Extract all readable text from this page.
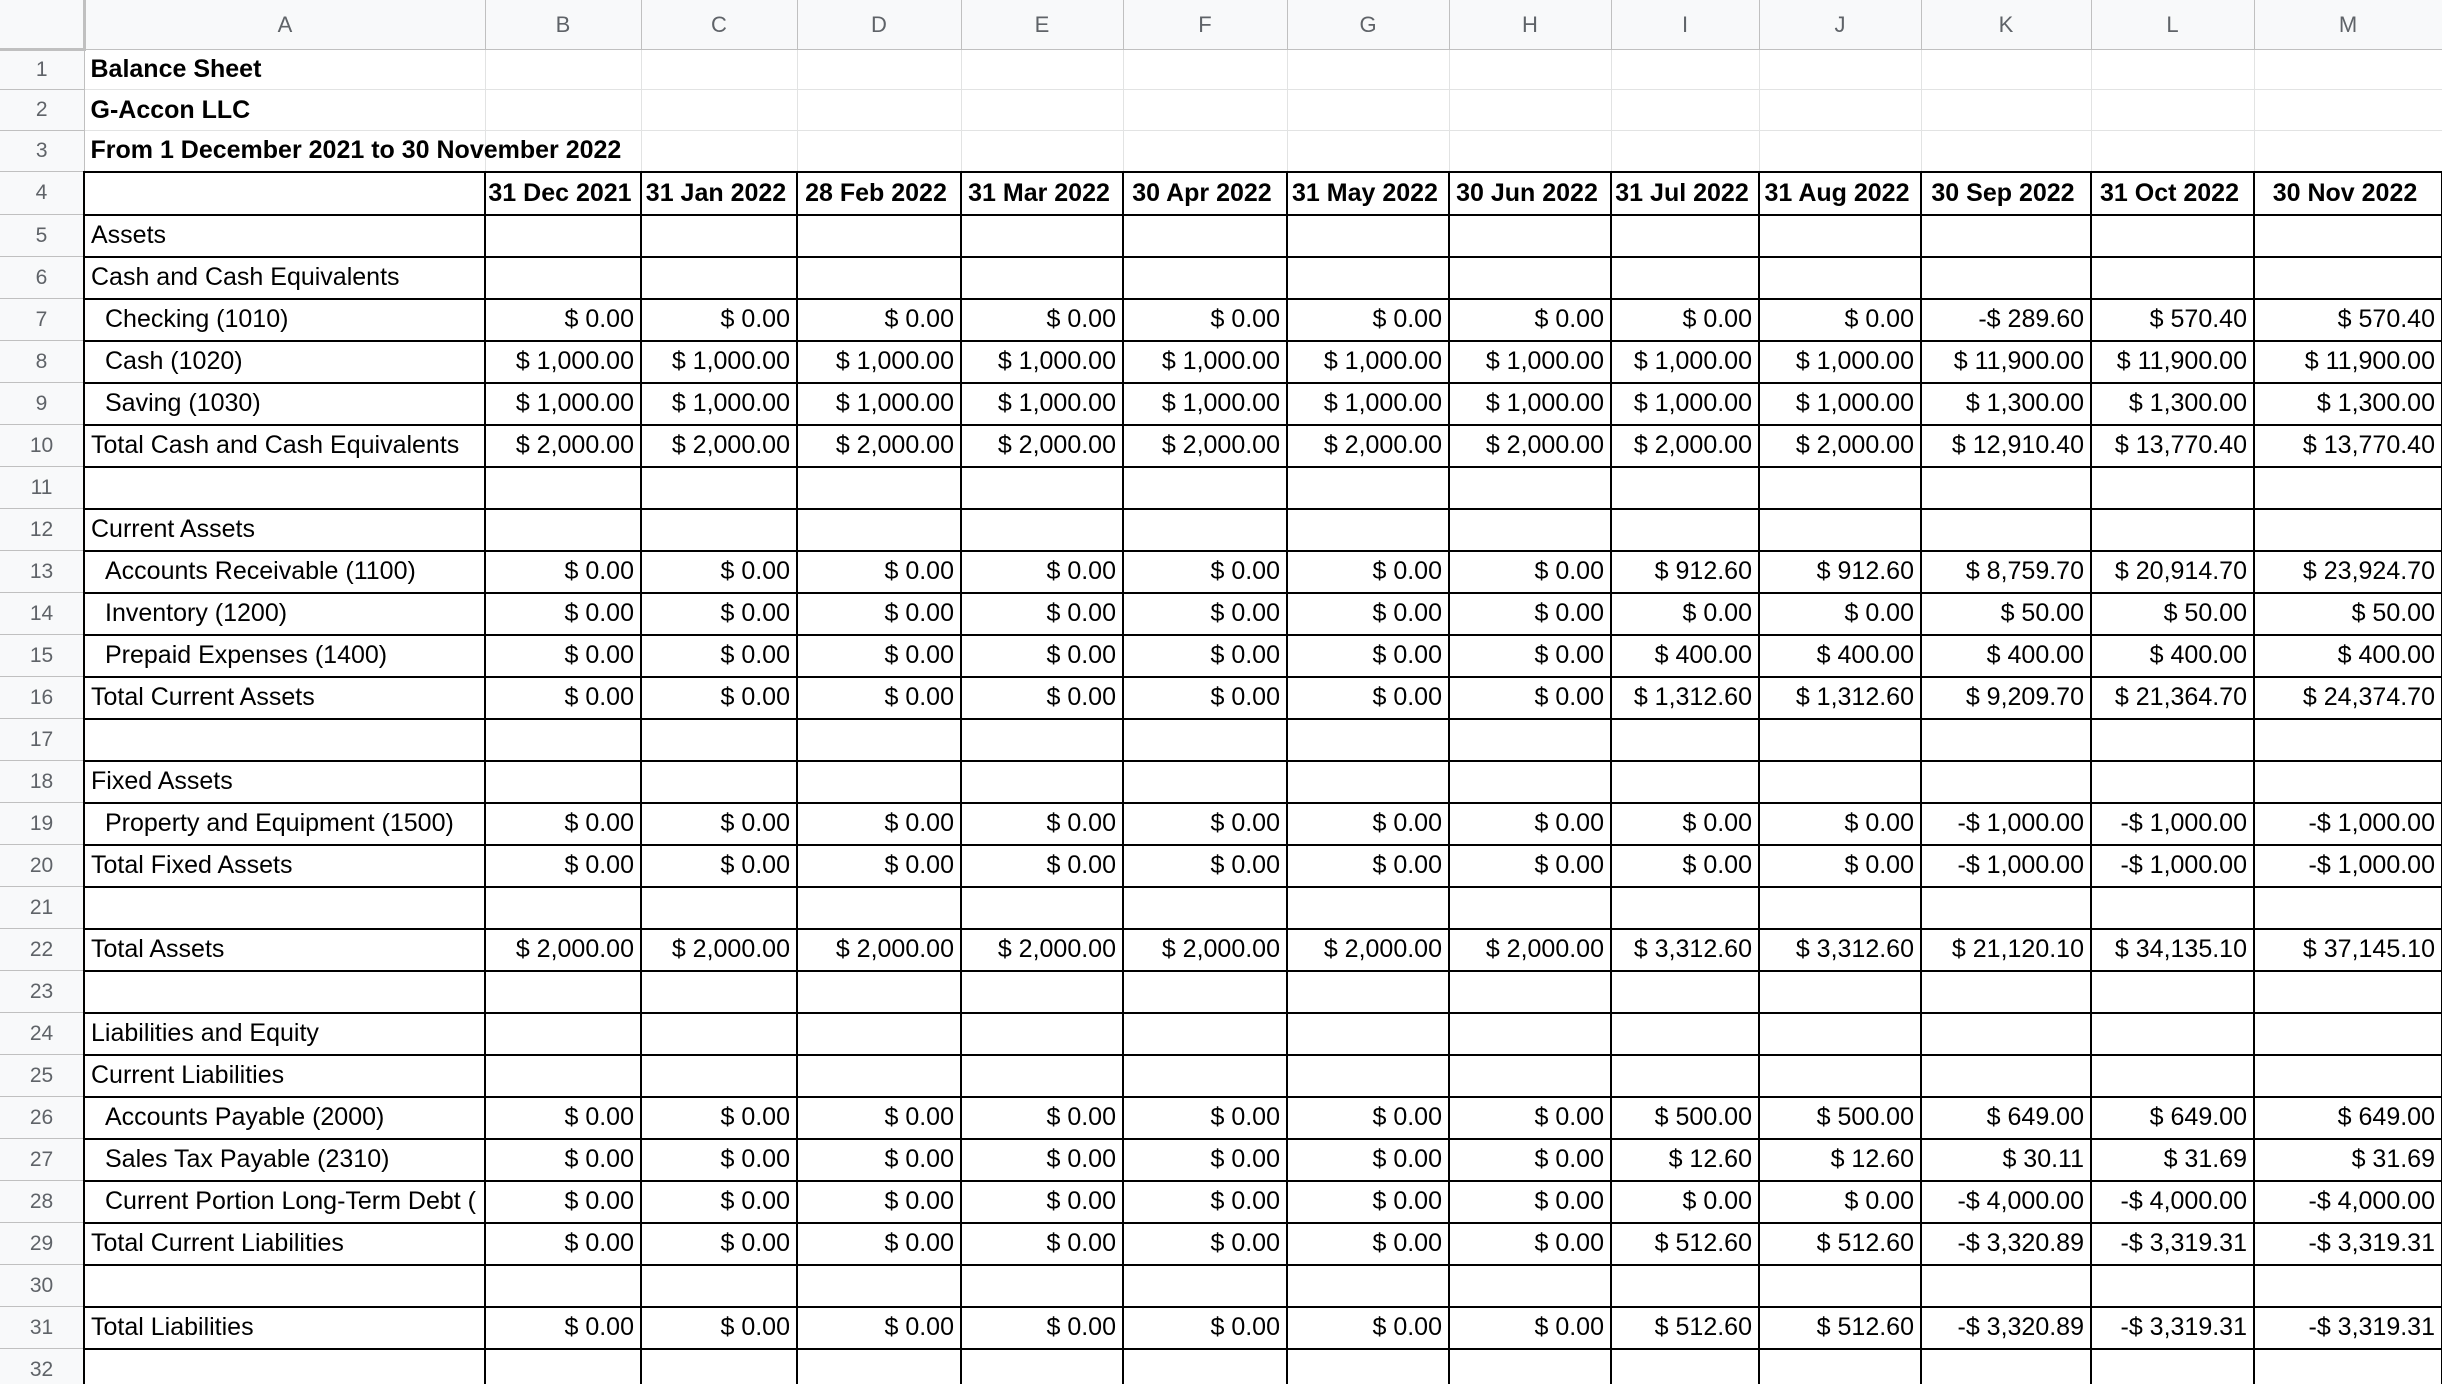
	A	B	C	D	E	F	G	H	I	J	K	L	M
1	Balance Sheet												
2	G-Accon LLC												
3	From 1 December 2021 to 30 November 2022												
4		31 Dec 2021	31 Jan 2022	28 Feb 2022	31 Mar 2022	30 Apr 2022	31 May 2022	30 Jun 2022	31 Jul 2022	31 Aug 2022	30 Sep 2022	31 Oct 2022	30 Nov 2022
5	Assets												
6	Cash and Cash Equivalents												
7	Checking (1010)	$ 0.00	$ 0.00	$ 0.00	$ 0.00	$ 0.00	$ 0.00	$ 0.00	$ 0.00	$ 0.00	-$ 289.60	$ 570.40	$ 570.40
8	Cash (1020)	$ 1,000.00	$ 1,000.00	$ 1,000.00	$ 1,000.00	$ 1,000.00	$ 1,000.00	$ 1,000.00	$ 1,000.00	$ 1,000.00	$ 11,900.00	$ 11,900.00	$ 11,900.00
9	Saving (1030)	$ 1,000.00	$ 1,000.00	$ 1,000.00	$ 1,000.00	$ 1,000.00	$ 1,000.00	$ 1,000.00	$ 1,000.00	$ 1,000.00	$ 1,300.00	$ 1,300.00	$ 1,300.00
10	Total Cash and Cash Equivalents	$ 2,000.00	$ 2,000.00	$ 2,000.00	$ 2,000.00	$ 2,000.00	$ 2,000.00	$ 2,000.00	$ 2,000.00	$ 2,000.00	$ 12,910.40	$ 13,770.40	$ 13,770.40
11													
12	Current Assets												
13	Accounts Receivable (1100)	$ 0.00	$ 0.00	$ 0.00	$ 0.00	$ 0.00	$ 0.00	$ 0.00	$ 912.60	$ 912.60	$ 8,759.70	$ 20,914.70	$ 23,924.70
14	Inventory (1200)	$ 0.00	$ 0.00	$ 0.00	$ 0.00	$ 0.00	$ 0.00	$ 0.00	$ 0.00	$ 0.00	$ 50.00	$ 50.00	$ 50.00
15	Prepaid Expenses (1400)	$ 0.00	$ 0.00	$ 0.00	$ 0.00	$ 0.00	$ 0.00	$ 0.00	$ 400.00	$ 400.00	$ 400.00	$ 400.00	$ 400.00
16	Total Current Assets	$ 0.00	$ 0.00	$ 0.00	$ 0.00	$ 0.00	$ 0.00	$ 0.00	$ 1,312.60	$ 1,312.60	$ 9,209.70	$ 21,364.70	$ 24,374.70
17													
18	Fixed Assets												
19	Property and Equipment (1500)	$ 0.00	$ 0.00	$ 0.00	$ 0.00	$ 0.00	$ 0.00	$ 0.00	$ 0.00	$ 0.00	-$ 1,000.00	-$ 1,000.00	-$ 1,000.00
20	Total Fixed Assets	$ 0.00	$ 0.00	$ 0.00	$ 0.00	$ 0.00	$ 0.00	$ 0.00	$ 0.00	$ 0.00	-$ 1,000.00	-$ 1,000.00	-$ 1,000.00
21													
22	Total Assets	$ 2,000.00	$ 2,000.00	$ 2,000.00	$ 2,000.00	$ 2,000.00	$ 2,000.00	$ 2,000.00	$ 3,312.60	$ 3,312.60	$ 21,120.10	$ 34,135.10	$ 37,145.10
23													
24	Liabilities and Equity												
25	Current Liabilities												
26	Accounts Payable (2000)	$ 0.00	$ 0.00	$ 0.00	$ 0.00	$ 0.00	$ 0.00	$ 0.00	$ 500.00	$ 500.00	$ 649.00	$ 649.00	$ 649.00
27	Sales Tax Payable (2310)	$ 0.00	$ 0.00	$ 0.00	$ 0.00	$ 0.00	$ 0.00	$ 0.00	$ 12.60	$ 12.60	$ 30.11	$ 31.69	$ 31.69
28	Current Portion Long-Term Debt (	$ 0.00	$ 0.00	$ 0.00	$ 0.00	$ 0.00	$ 0.00	$ 0.00	$ 0.00	$ 0.00	-$ 4,000.00	-$ 4,000.00	-$ 4,000.00
29	Total Current Liabilities	$ 0.00	$ 0.00	$ 0.00	$ 0.00	$ 0.00	$ 0.00	$ 0.00	$ 512.60	$ 512.60	-$ 3,320.89	-$ 3,319.31	-$ 3,319.31
30													
31	Total Liabilities	$ 0.00	$ 0.00	$ 0.00	$ 0.00	$ 0.00	$ 0.00	$ 0.00	$ 512.60	$ 512.60	-$ 3,320.89	-$ 3,319.31	-$ 3,319.31
32													
